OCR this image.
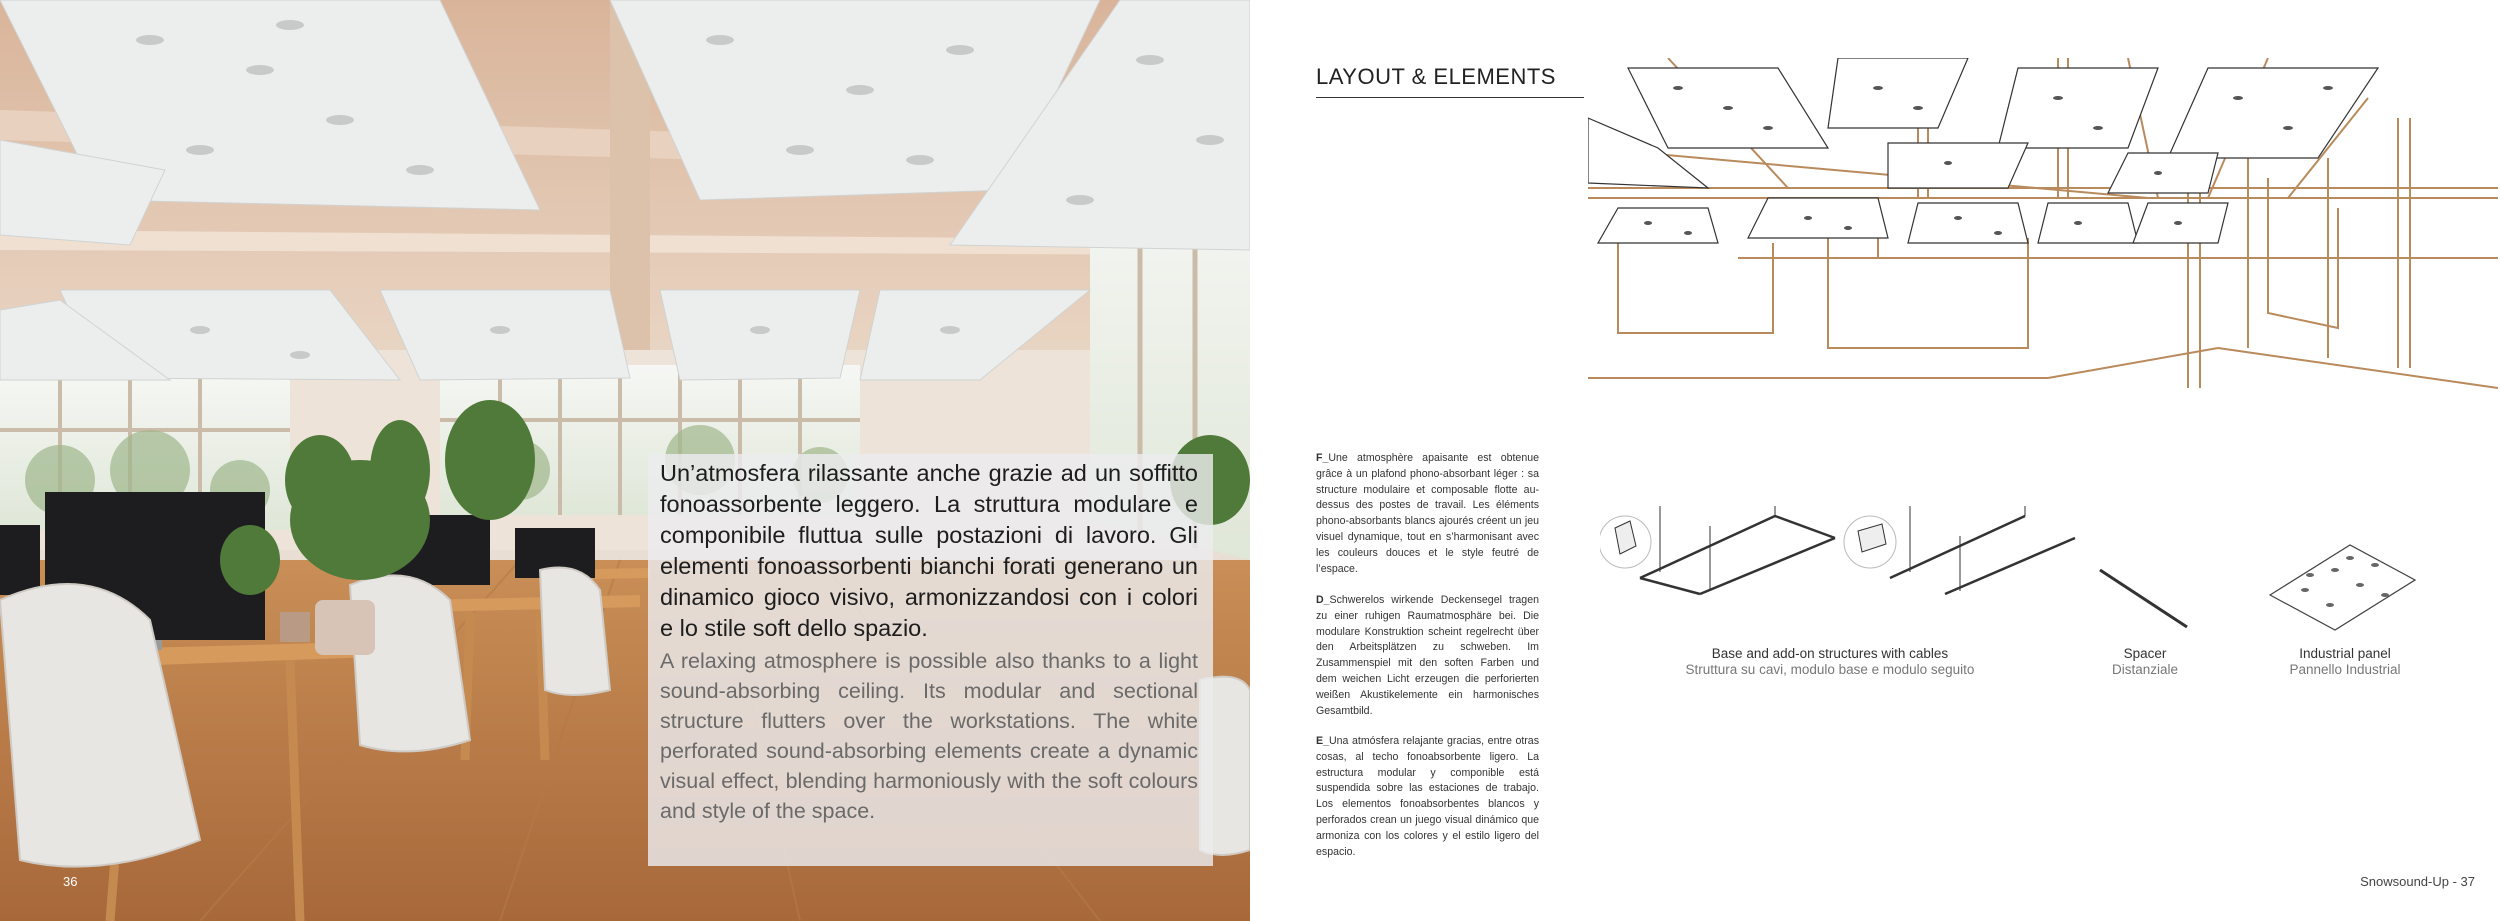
Un’atmosfera rilassante anche grazie ad un soffitto fonoassorbente leggero. La struttura modulare e componibile fluttua sulle postazioni di lavoro. Gli elementi fonoassorbenti bianchi forati generano un dinamico gioco visivo, armonizzandosi con i colori e lo stile soft dello spazio.
A relaxing atmosphere is possible also thanks to a light sound-absorbing ceiling. Its modular and sectional structure flutters over the workstations. The white perforated sound-absorbing elements create a dynamic visual effect, blending harmoniously with the soft colours and style of the space.
36
LAYOUT & ELEMENTS
F_Une atmosphère apaisante est obtenue grâce à un plafond phono-absorbant léger : sa structure modulaire et composable flotte au-dessus des postes de travail. Les éléments phono-absorbants blancs ajourés créent un jeu visuel dynamique, tout en s’harmonisant avec les couleurs douces et le style feutré de l’espace.
D_Schwerelos wirkende Deckensegel tragen zu einer ruhigen Raumatmosphäre bei. Die modulare Konstruktion scheint regelrecht über den Arbeitsplätzen zu schweben. Im Zusammenspiel mit den soften Farben und dem weichen Licht erzeugen die perforierten weißen Akustikelemente ein harmonisches Gesamtbild.
E_Una atmósfera relajante gracias, entre otras cosas, al techo fonoabsorbente ligero. La estructura modular y componible está suspendida sobre las estaciones de trabajo. Los elementos fonoabsorbentes blancos y perforados crean un juego visual dinámico que armoniza con los colores y el estilo ligero del espacio.
Base and add-on structures with cables
Struttura su cavi, modulo base e modulo seguito
Spacer
Distanziale
Industrial panel
Pannello Industrial
Snowsound-Up - 37
